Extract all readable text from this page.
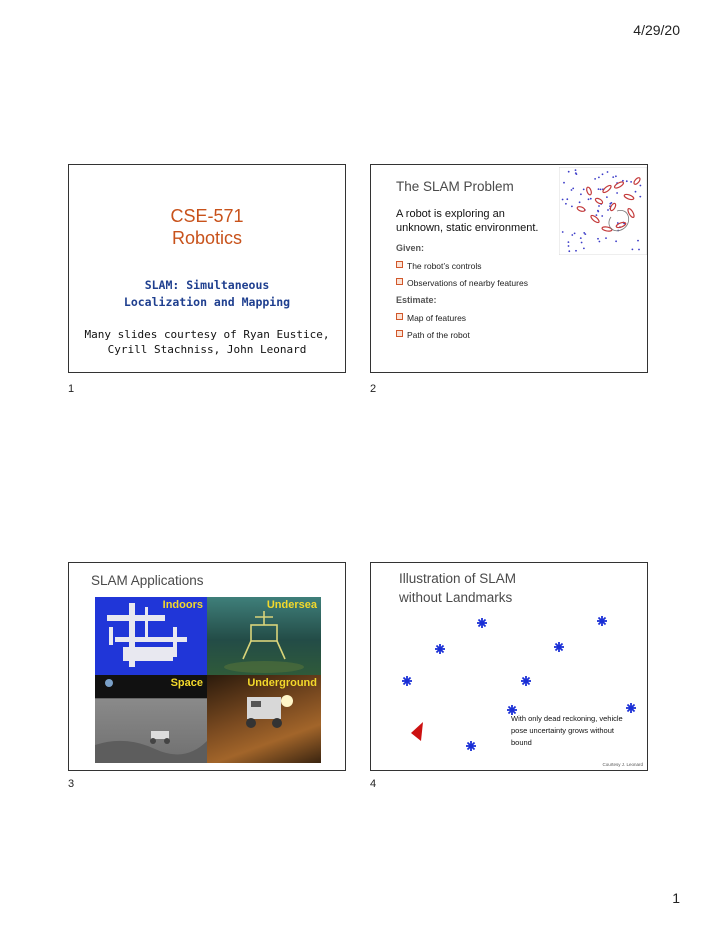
4/29/20
1
CSE-571
Robotics
SLAM: Simultaneous
Localization and Mapping
Many slides courtesy of Ryan Eustice,
Cyrill Stachniss, John Leonard
1
The SLAM Problem
A robot is exploring an
unknown, static environment.
Given:
The robot’s controls
Observations of nearby features
Estimate:
Map of features
Path of the robot
2
SLAM Applications
Indoors	Undersea
Space	Underground
3
Illustration of SLAM
without Landmarks
With only dead reckoning, vehicle
pose uncertainty grows without
bound
Courtesy J. Leonard
4
